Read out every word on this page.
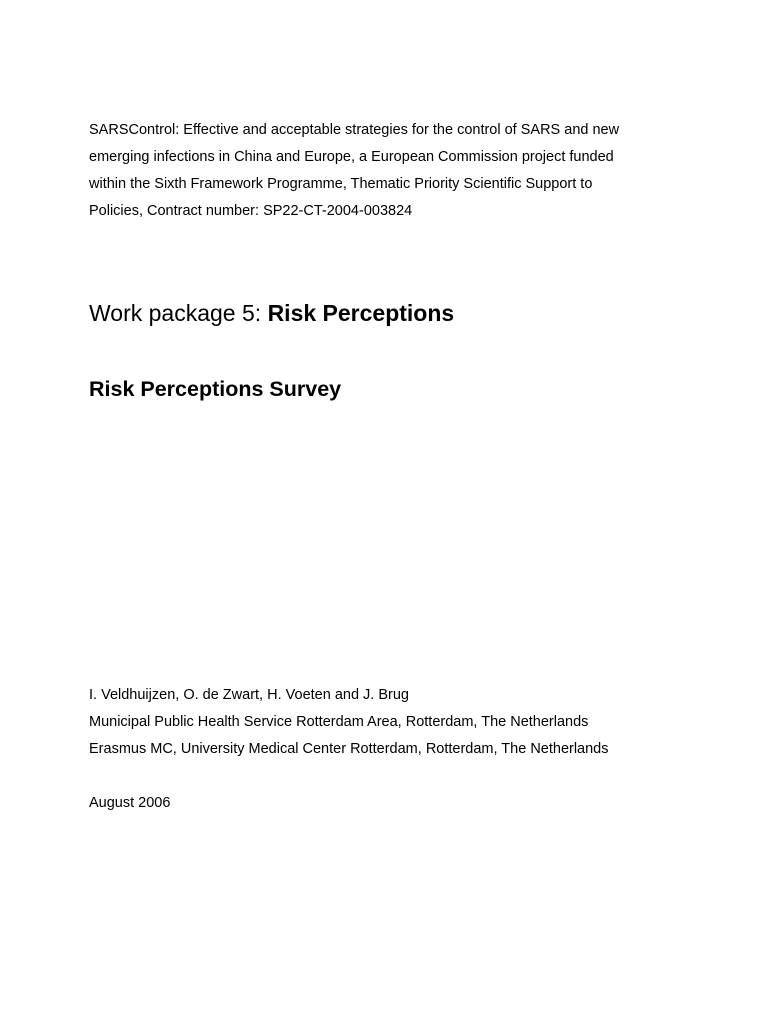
SARSControl: Effective and acceptable strategies for the control of SARS and new
emerging infections in China and Europe, a European Commission project funded
within the Sixth Framework Programme, Thematic Priority Scientific Support to
Policies, Contract number: SP22-CT-2004-003824

Work package 5: Risk Perceptions
Risk Perceptions Survey

I. Veldhuijzen, O. de Zwart, H. Voeten and J. Brug
Municipal Public Health Service Rotterdam Area, Rotterdam, The Netherlands
Erasmus MC, University Medical Center Rotterdam, Rotterdam, The Netherlands

August 2006
